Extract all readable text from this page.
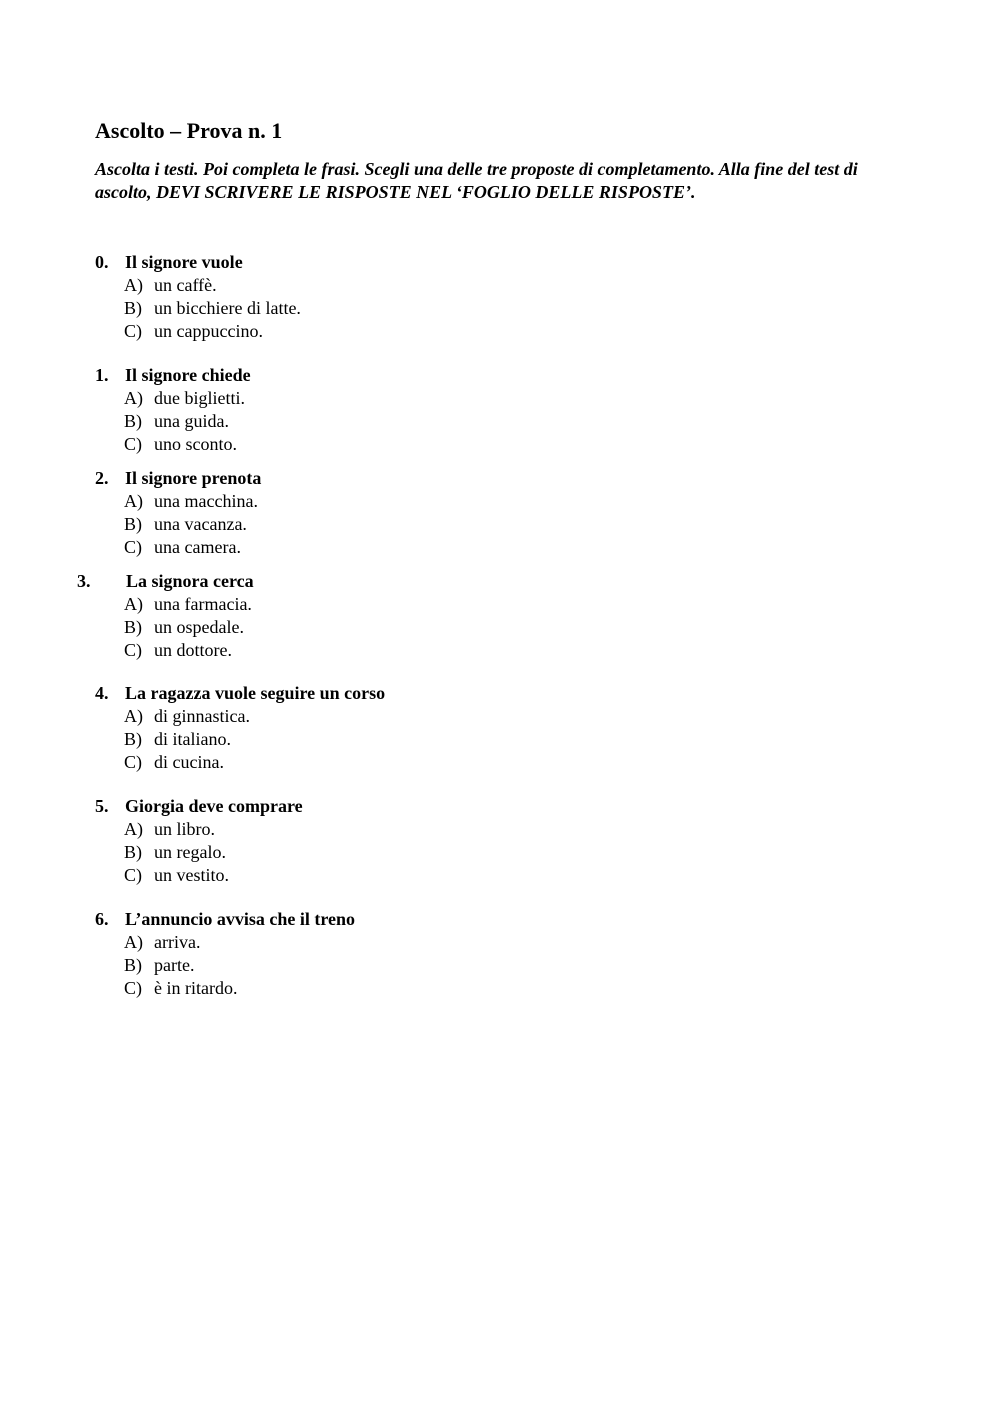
Ascolto – Prova n. 1

Ascolta i testi. Poi completa le frasi. Scegli una delle tre proposte di completamento. Alla fine del test di ascolto, DEVI SCRIVERE LE RISPOSTE NEL ‘FOGLIO DELLE RISPOSTE’.

0. Il signore vuole
A) un caffè.
B) un bicchiere di latte.
C) un cappuccino.
1. Il signore chiede
A) due biglietti.
B) una guida.
C) uno sconto.
2. Il signore prenota
A) una macchina.
B) una vacanza.
C) una camera.
3. La signora cerca
A) una farmacia.
B) un ospedale.
C) un dottore.
4. La ragazza vuole seguire un corso
A) di ginnastica.
B) di italiano.
C) di cucina.
5. Giorgia deve comprare
A) un libro.
B) un regalo.
C) un vestito.
6. L’annuncio avvisa che il treno
A) arriva.
B) parte.
C) è in ritardo.
